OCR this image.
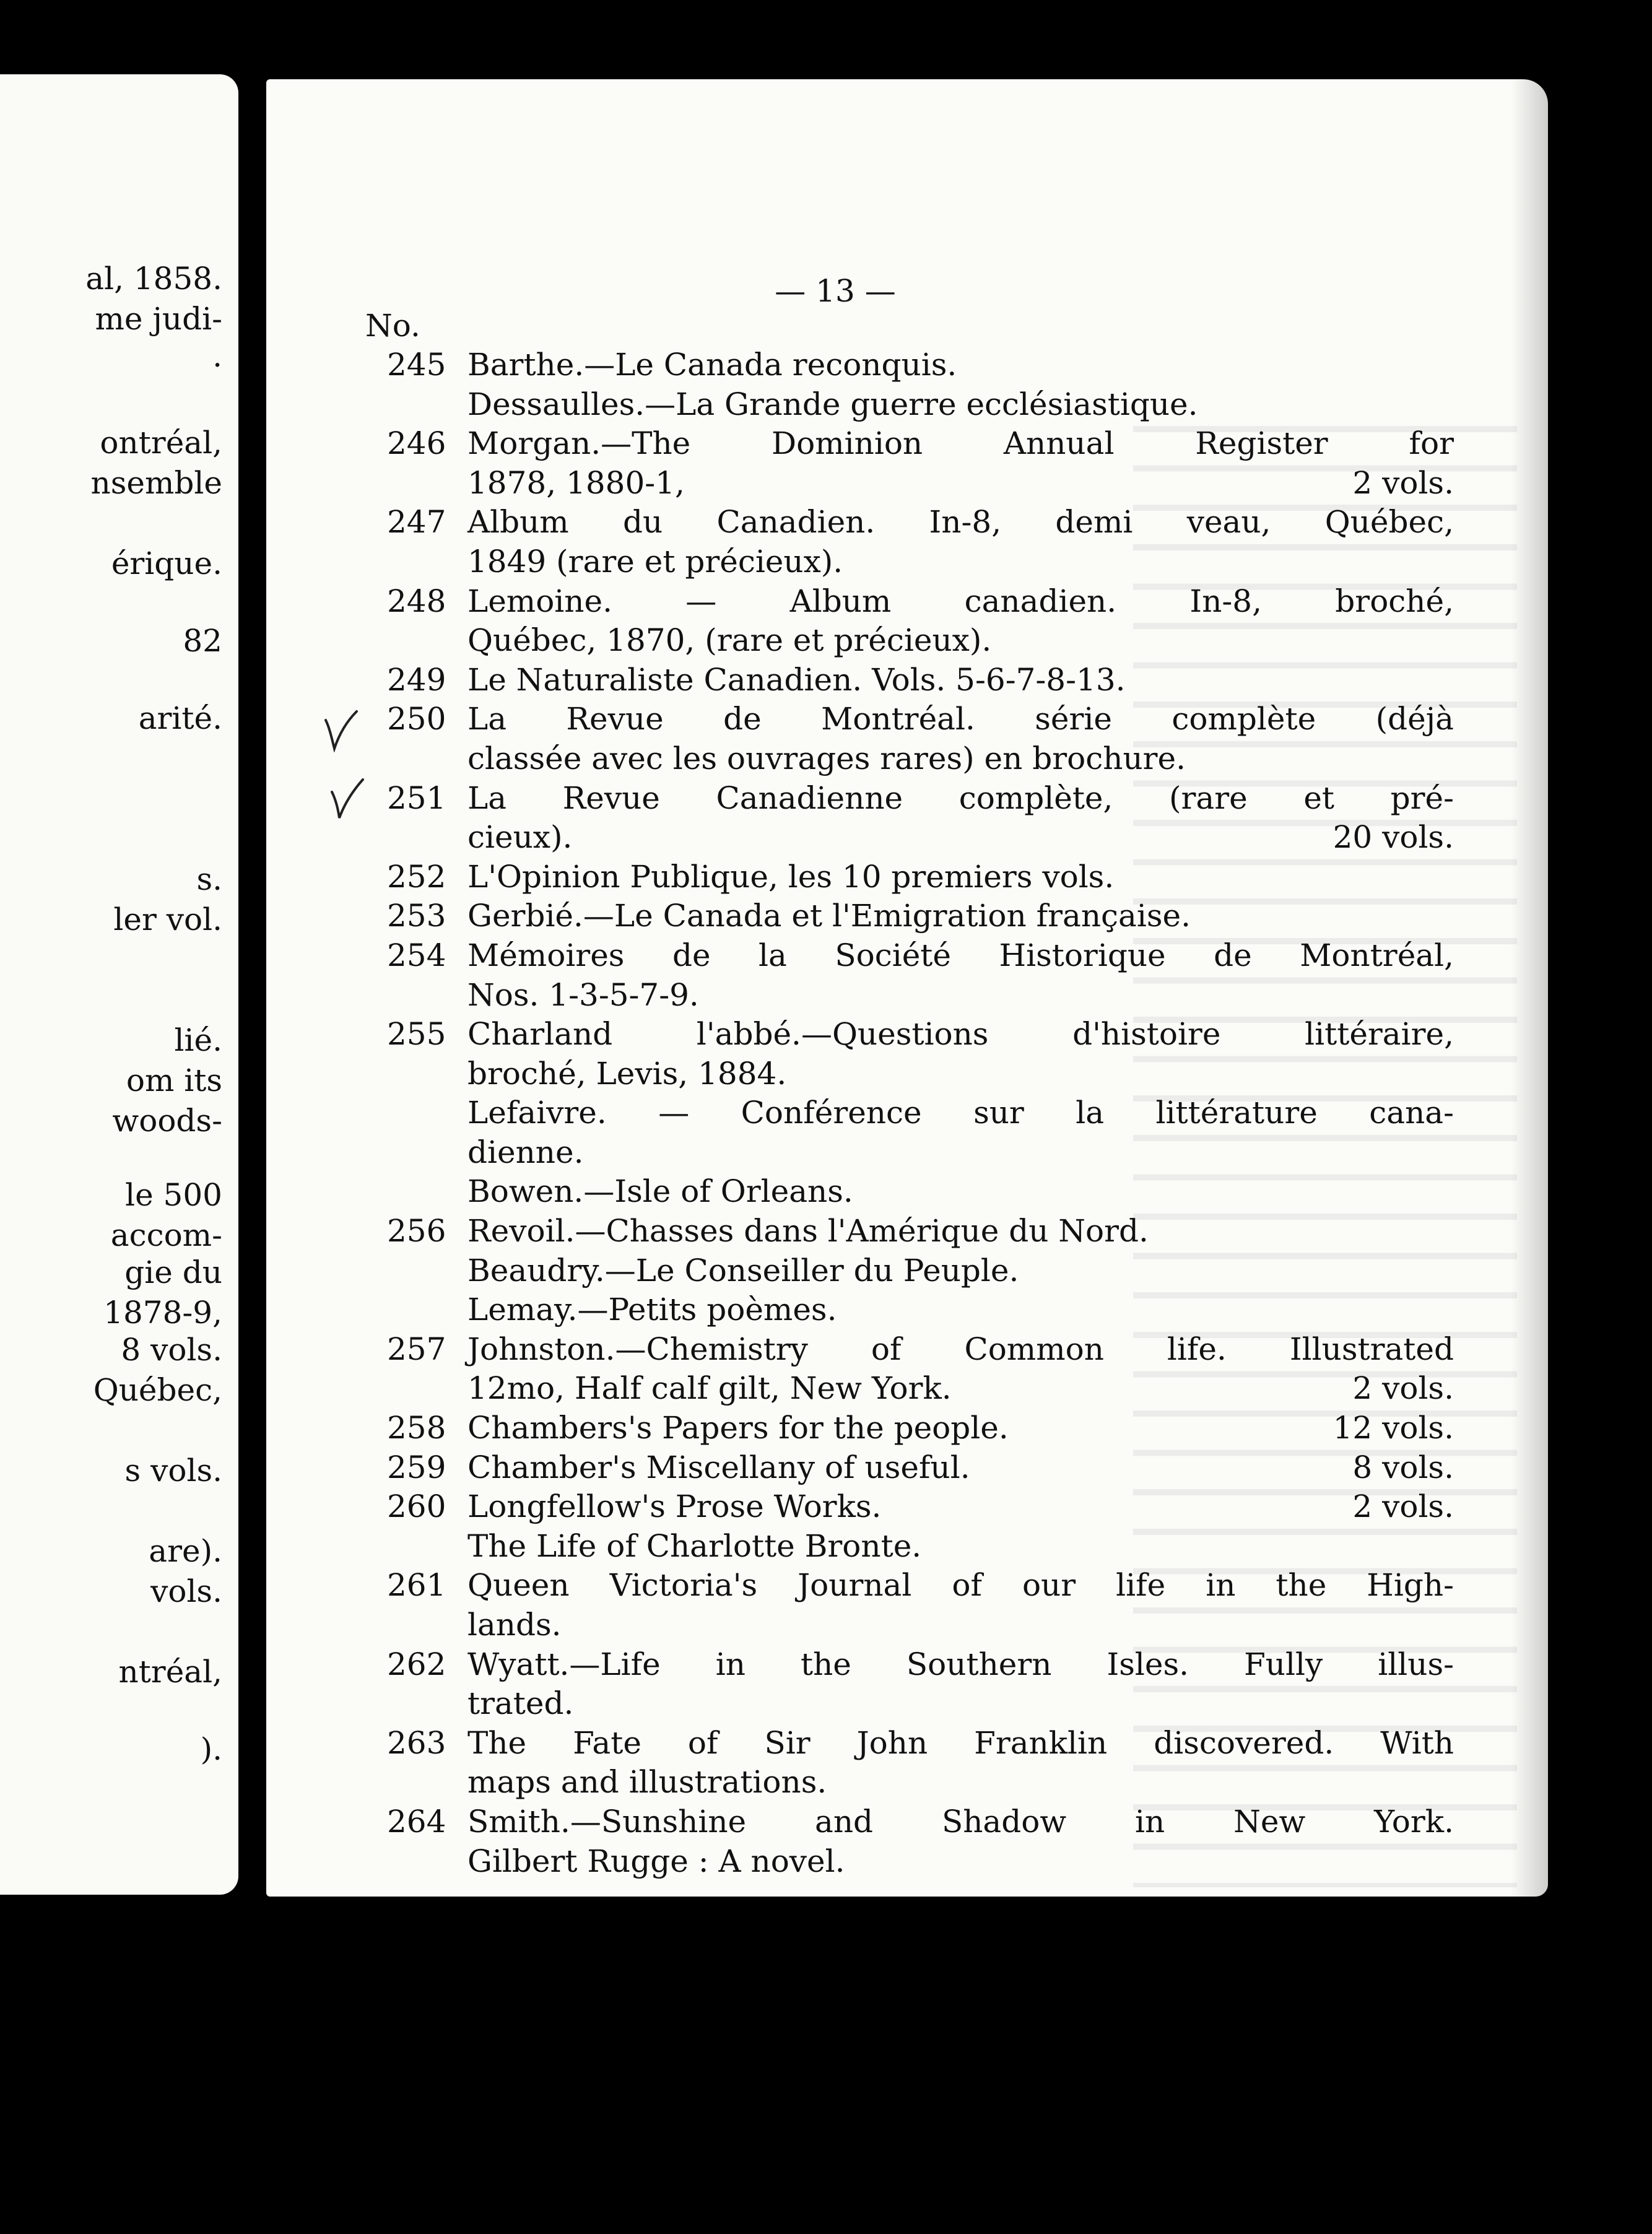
al, 1858.
me judi-
.
ontréal,
nsemble
érique.
82
arité.
s.
ler vol.
lié.
om its
woods-
le 500
accom-
gie du
1878-9,
8 vols.
Québec,
s vols.
are).
vols.
ntréal,
).
— 13 —
No.
245 Barthe.—Le Canada reconquis.
Dessaulles.—La Grande guerre ecclésiastique.
246 Morgan.—The Dominion Annual Register for
1878, 1880-1,	2 vols.
247 Album du Canadien. In-8, demi veau, Québec,
1849 (rare et précieux).
248 Lemoine. — Album canadien. In-8, broché,
Québec, 1870, (rare et précieux).
249 Le Naturaliste Canadien. Vols. 5-6-7-8-13.
250 La Revue de Montréal. série complète (déjà
classée avec les ouvrages rares) en brochure.
251 La Revue Canadienne complète, (rare et pré-
cieux).	20 vols.
252 L'Opinion Publique, les 10 premiers vols.
253 Gerbié.—Le Canada et l'Emigration française.
254 Mémoires de la Société Historique de Montréal,
Nos. 1-3-5-7-9.
255 Charland l'abbé.—Questions d'histoire littéraire,
broché, Levis, 1884.
Lefaivre. — Conférence sur la littérature cana-
dienne.
Bowen.—Isle of Orleans.
256 Revoil.—Chasses dans l'Amérique du Nord.
Beaudry.—Le Conseiller du Peuple.
Lemay.—Petits poèmes.
257 Johnston.—Chemistry of Common life. Illustrated
12mo, Half calf gilt, New York.	2 vols.
258 Chambers's Papers for the people.	12 vols.
259 Chamber's Miscellany of useful.	8 vols.
260 Longfellow's Prose Works.	2 vols.
The Life of Charlotte Bronte.
261 Queen Victoria's Journal of our life in the High-
lands.
262 Wyatt.—Life in the Southern Isles. Fully illus-
trated.
263 The Fate of Sir John Franklin discovered. With
maps and illustrations.
264 Smith.—Sunshine and Shadow in New York.
Gilbert Rugge : A novel.
